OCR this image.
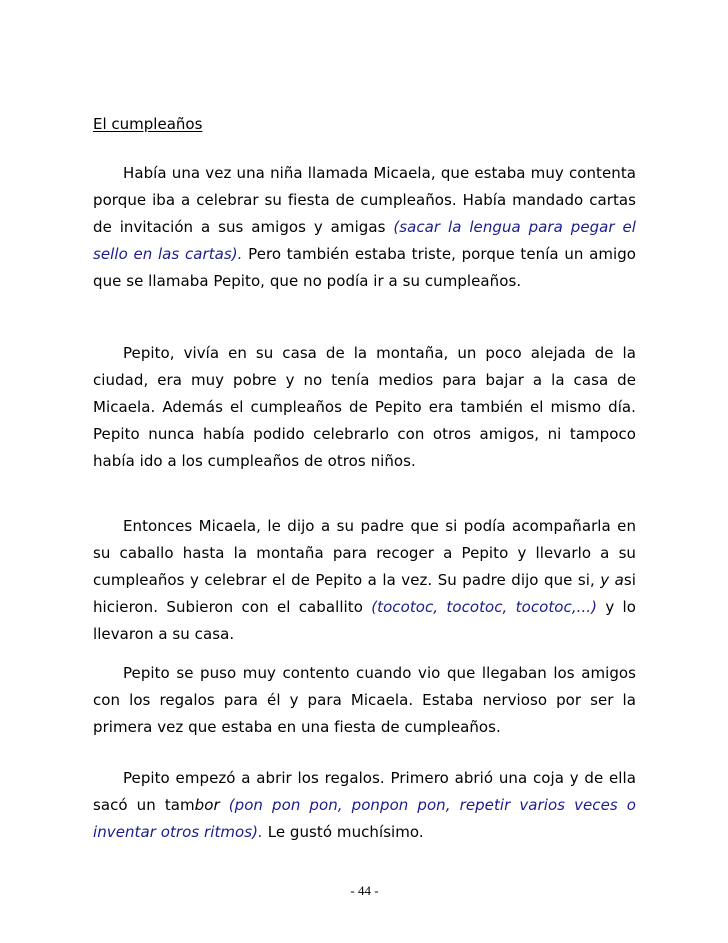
El cumpleaños

Había una vez una niña llamada Micaela, que estaba muy contenta porque iba a celebrar su fiesta de cumpleaños. Había mandado cartas de invitación a sus amigos y amigas (sacar la lengua para pegar el sello en las cartas). Pero también estaba triste, porque tenía un amigo que se llamaba Pepito, que no podía ir a su cumpleaños.

Pepito, vivía en su casa de la montaña, un poco alejada de la ciudad, era muy pobre y no tenía medios para bajar a la casa de Micaela. Además el cumpleaños de Pepito era también el mismo día. Pepito nunca había podido celebrarlo con otros amigos, ni tampoco había ido a los cumpleaños de otros niños.

Entonces Micaela, le dijo a su padre que si podía acompañarla en su caballo hasta la montaña para recoger a Pepito y llevarlo a su cumpleaños y celebrar el de Pepito a la vez. Su padre dijo que si, y asi hicieron. Subieron con el caballito (tocotoc, tocotoc, tocotoc,...) y lo llevaron a su casa.

Pepito se puso muy contento cuando vio que llegaban los amigos con los regalos para él y para Micaela. Estaba nervioso por ser la primera vez que estaba en una fiesta de cumpleaños.

Pepito empezó a abrir los regalos. Primero abrió una coja y de ella sacó un tambor (pon pon pon, ponpon pon, repetir varios veces o inventar otros ritmos). Le gustó muchísimo.

- 44 -
